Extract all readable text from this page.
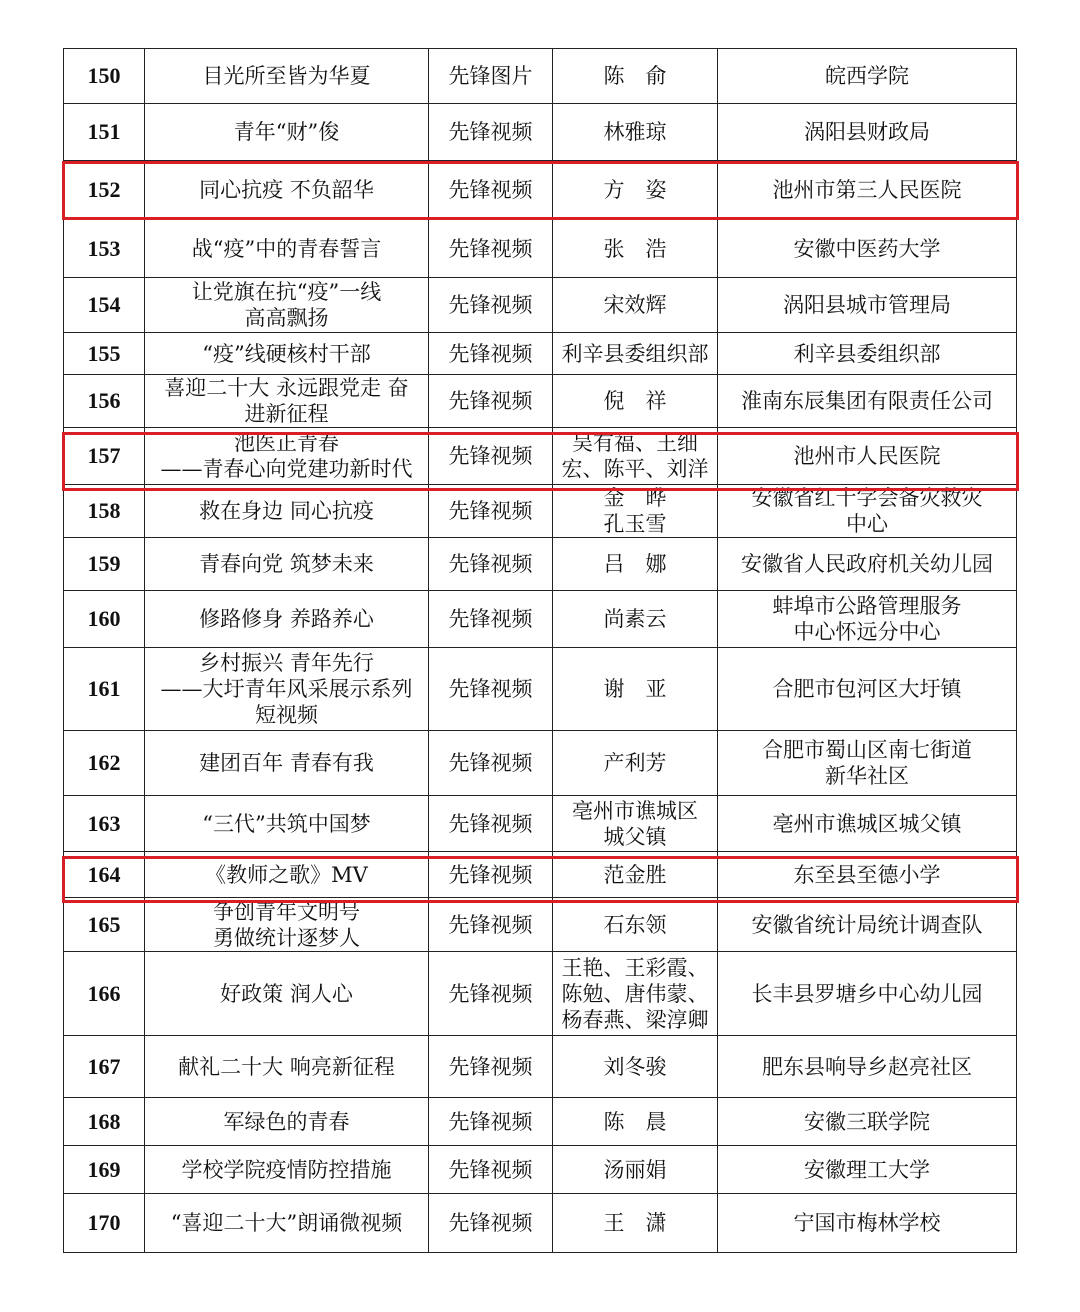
150	目光所至皆为华夏	先锋图片	陈　俞	皖西学院
151	青年“财”俊	先锋视频	林雅琼	涡阳县财政局
152	同心抗疫 不负韶华	先锋视频	方　姿	池州市第三人民医院
153	战“疫”中的青春誓言	先锋视频	张　浩	安徽中医药大学
154	让党旗在抗“疫”一线
高高飘扬	先锋视频	宋效辉	涡阳县城市管理局
155	“疫”线硬核村干部	先锋视频	利辛县委组织部	利辛县委组织部
156	喜迎二十大 永远跟党走 奋
进新征程	先锋视频	倪　祥	淮南东辰集团有限责任公司
157	池医正青春
——青春心向党建功新时代	先锋视频	吴有福、王细
宏、陈平、刘洋	池州市人民医院
158	救在身边 同心抗疫	先锋视频	金　晔
孔玉雪	安徽省红十字会备灾救灾
中心
159	青春向党 筑梦未来	先锋视频	吕　娜	安徽省人民政府机关幼儿园
160	修路修身 养路养心	先锋视频	尚素云	蚌埠市公路管理服务
中心怀远分中心
161	乡村振兴 青年先行
——大圩青年风采展示系列
短视频	先锋视频	谢　亚	合肥市包河区大圩镇
162	建团百年 青春有我	先锋视频	产利芳	合肥市蜀山区南七街道
新华社区
163	“三代”共筑中国梦	先锋视频	亳州市谯城区
城父镇	亳州市谯城区城父镇
164	《教师之歌》MV	先锋视频	范金胜	东至县至德小学
165	争创青年文明号
勇做统计逐梦人	先锋视频	石东领	安徽省统计局统计调查队
166	好政策 润人心	先锋视频	王艳、王彩霞、
陈勉、唐伟蒙、
杨春燕、梁淳卿	长丰县罗塘乡中心幼儿园
167	献礼二十大 响亮新征程	先锋视频	刘冬骏	肥东县响导乡赵亮社区
168	军绿色的青春	先锋视频	陈　晨	安徽三联学院
169	学校学院疫情防控措施	先锋视频	汤丽娟	安徽理工大学
170	“喜迎二十大”朗诵微视频	先锋视频	王　潇	宁国市梅林学校
